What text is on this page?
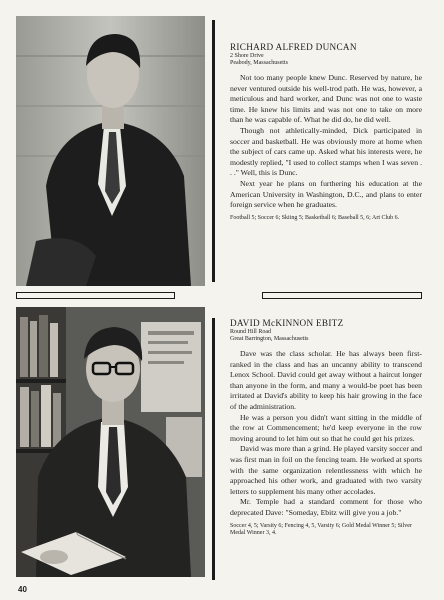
RICHARD ALFRED DUNCAN

2 Shore Drive

Peabody, Massachusetts

Not too many people knew Dunc. Reserved by nature, he never ventured outside his well-trod path. He was, however, a meticulous and hard worker, and Dunc was not one to waste time. He knew his limits and was not one to take on more than he was capable of. What he did do, he did well.

Though not athletically-minded, Dick participated in soccer and basketball. He was obviously more at home when the subject of cars came up. Asked what his interests were, he modestly replied, "I used to collect stamps when I was seven . . ." Well, this is Dunc.

Next year he plans on furthering his education at the American University in Washington, D.C., and plans to enter foreign service when he graduates.

Football 5; Soccer 6; Skiing 5; Basketball 6; Baseball 5, 6; Art Club 6.

DAVID McKINNON EBITZ

Round Hill Road

Great Barrington, Massachusetts

Dave was the class scholar. He has always been first-ranked in the class and has an uncanny ability to transcend Lenox School. David could get away without a haircut longer than anyone in the form, and many a would-be poet has been irritated at David's ability to keep his hair growing in the face of the administration.

He was a person you didn't want sitting in the middle of the row at Commencement; he'd keep everyone in the row moving around to let him out so that he could get his prizes.

David was more than a grind. He played varsity soccer and was first man in foil on the fencing team. He worked at sports with the same organization relentlessness with which he approached his other work, and graduated with two varsity letters to supplement his many other accolades.

Mr. Temple had a standard comment for those who deprecated Dave: "Someday, Ebitz will give you a job."

Soccer 4, 5; Varsity 6; Fencing 4, 5, Varsity 6; Gold Medal Winner 5; Silver Medal Winner 3, 4.

40
